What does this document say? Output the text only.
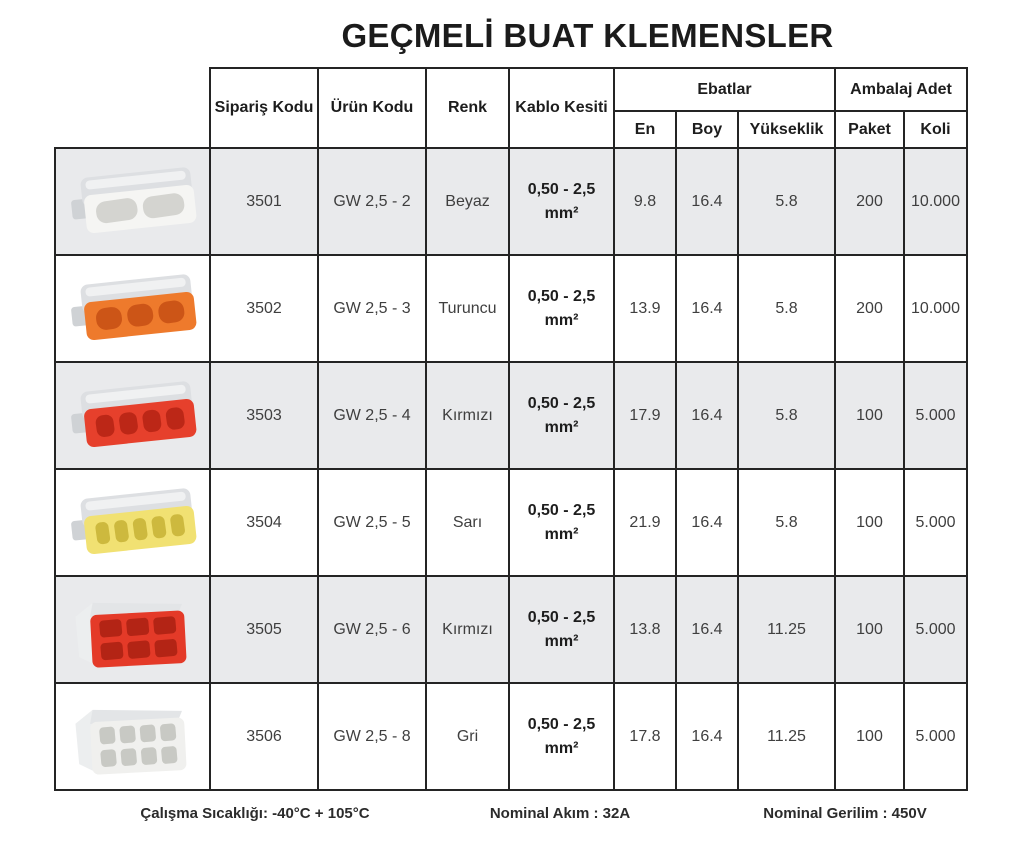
GEÇMELİ BUAT KLEMENSLER
	Sipariş Kodu	Ürün Kodu	Renk	Kablo Kesiti	Ebatlar			Ambalaj Adet	
					En	Boy	Yükseklik	Paket	Koli

	3501	GW 2,5 - 2	Beyaz	0,50 - 2,5 mm²	9.8	16.4	5.8	200	10.000

	3502	GW 2,5 - 3	Turuncu	0,50 - 2,5 mm²	13.9	16.4	5.8	200	10.000

	3503	GW 2,5 - 4	Kırmızı	0,50 - 2,5 mm²	17.9	16.4	5.8	100	5.000

	3504	GW 2,5 - 5	Sarı	0,50 - 2,5 mm²	21.9	16.4	5.8	100	5.000

	3505	GW 2,5 - 6	Kırmızı	0,50 - 2,5 mm²	13.8	16.4	11.25	100	5.000

	3506	GW 2,5 - 8	Gri	0,50 - 2,5 mm²	17.8	16.4	11.25	100	5.000
Çalışma Sıcaklığı: -40°C + 105°C	Nominal Akım : 32A	Nominal Gerilim : 450V
